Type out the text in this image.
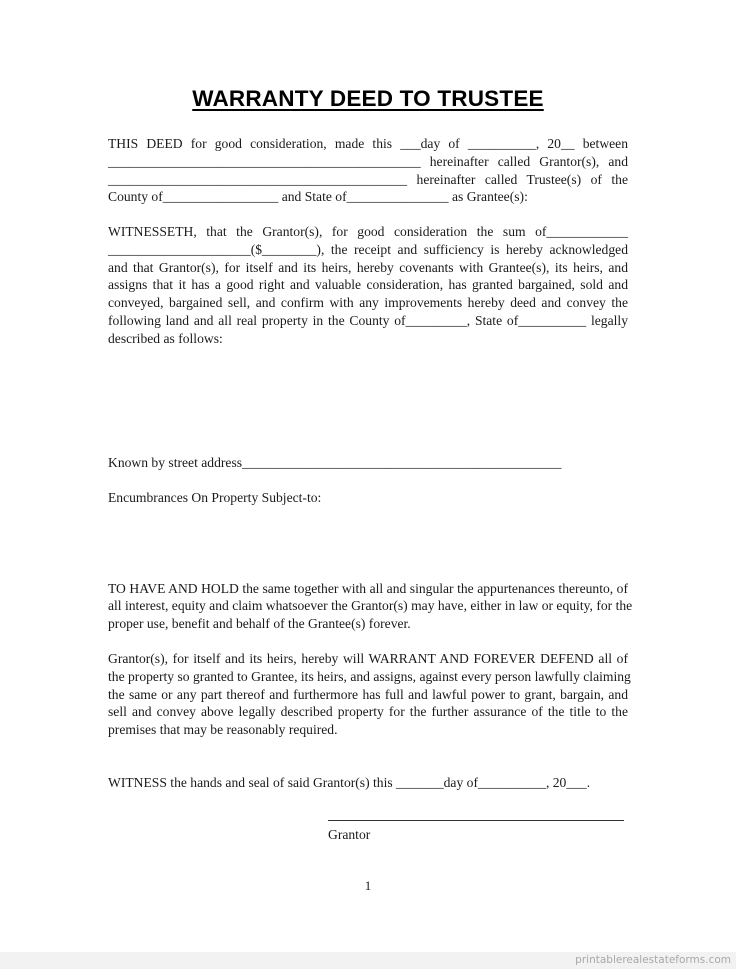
WARRANTY DEED TO TRUSTEE
THIS DEED for good consideration, made this ___day of __________, 20__ between
______________________________________________ hereinafter called Grantor(s), and
____________________________________________ hereinafter called Trustee(s) of the
County of_________________ and State of_______________ as Grantee(s):
WITNESSETH, that the Grantor(s), for good consideration the sum of____________
_____________________($________), the receipt and sufficiency is hereby acknowledged
and that Grantor(s), for itself and its heirs, hereby covenants with Grantee(s), its heirs, and
assigns that it has a good right and valuable consideration, has granted bargained, sold and
conveyed, bargained sell, and confirm with any improvements hereby deed and convey the
following land and all real property in the County of_________, State of__________ legally
described as follows:
Known by street address_______________________________________________
Encumbrances On Property Subject-to:
TO HAVE AND HOLD the same together with all and singular the appurtenances thereunto, of
all interest, equity and claim whatsoever the Grantor(s) may have, either in law or equity, for the
proper use, benefit and behalf of the Grantee(s) forever.
Grantor(s), for itself and its heirs, hereby will WARRANT AND FOREVER DEFEND all of
the property so granted to Grantee, its heirs, and assigns, against every person lawfully claiming
the same or any part thereof and furthermore has full and lawful power to grant, bargain, and
sell and convey above legally described property for the further assurance of the title to the
premises that may be reasonably required.
WITNESS the hands and seal of said Grantor(s) this _______day of__________, 20___.
Grantor
1
printablerealestateforms.com
